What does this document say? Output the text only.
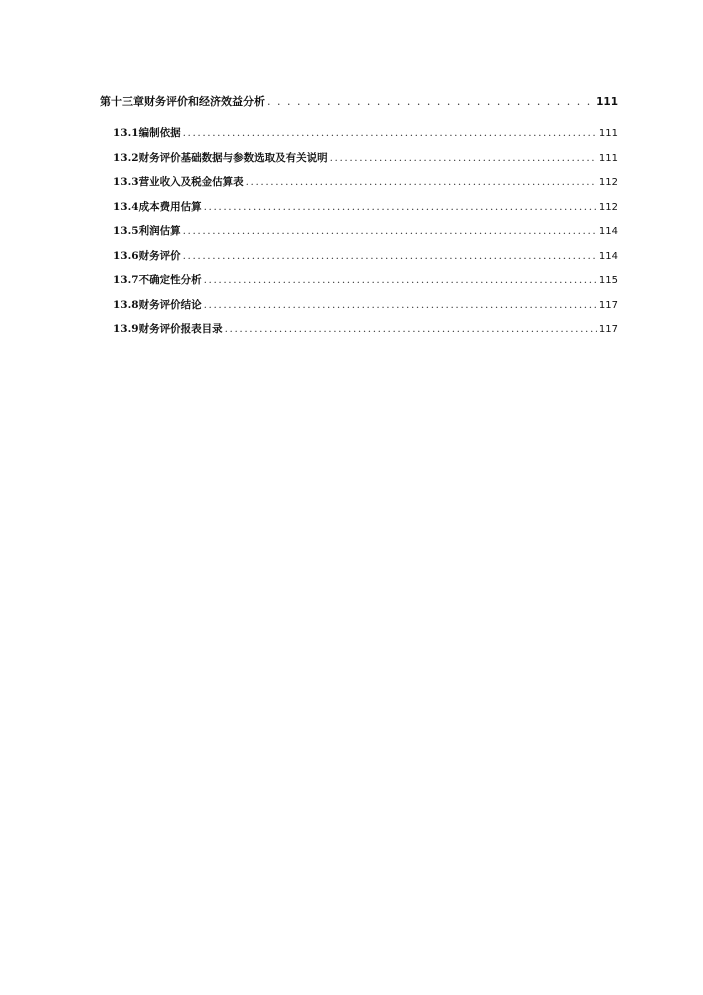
第十三章 财务评价和经济效益分析 . . .	111
13.1 编制依据 .....	111
13.2 财务评价基础数据与参数选取及有关说明 .....	111
13.3 营业收入及税金估算表 .....	112
13.4 成本费用估算 .....	112
13.5 利润估算 .....	114
13.6 财务评价 .....	114
13.7 不确定性分析 .....	115
13.8 财务评价结论 .....	117
13.9 财务评价报表目录 .....	117
